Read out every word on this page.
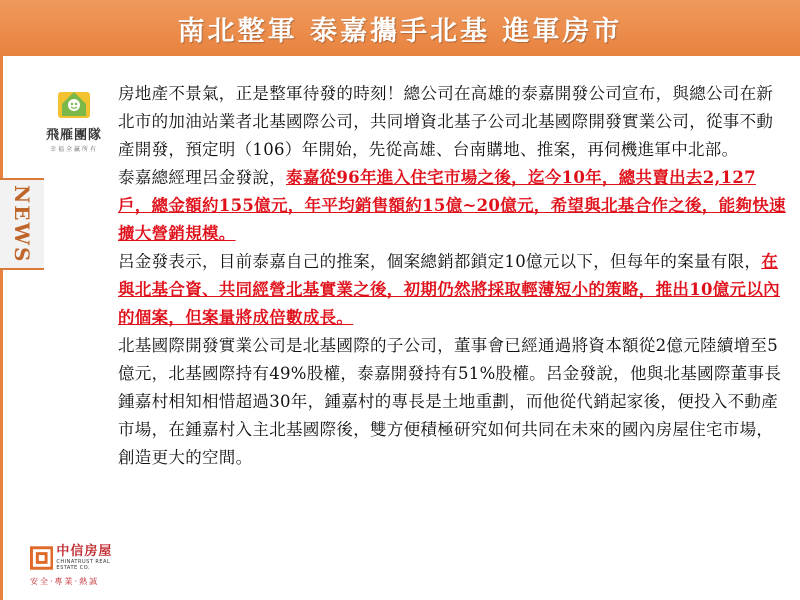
南北整軍 泰嘉攜手北基 進軍房市
飛雁團隊
幸福全贏所有
NEWS
中信房屋
CHINATRUST REAL ESTATE CO.
安全‧專業‧熱誠

房地產不景氣，正是整軍待發的時刻！總公司在高雄的泰嘉開發公司宣布，與總公司在新北市的加油站業者北基國際公司，共同增資北基子公司北基國際開發實業公司，從事不動產開發，預定明（106）年開始，先從高雄、台南購地、推案，再伺機進軍中北部。

泰嘉總經理呂金發說，泰嘉從96年進入住宅市場之後，迄今10年，總共賣出去2,127戶，總金額約155億元，年平均銷售額約15億~20億元，希望與北基合作之後，能夠快速擴大營銷規模。

呂金發表示，目前泰嘉自己的推案，個案總銷都鎖定10億元以下，但每年的案量有限，在與北基合資、共同經營北基實業之後，初期仍然將採取輕薄短小的策略，推出10億元以內的個案，但案量將成倍數成長。

北基國際開發實業公司是北基國際的子公司，董事會已經通過將資本額從2億元陸續增至5億元，北基國際持有49%股權，泰嘉開發持有51%股權。呂金發說，他與北基國際董事長鍾嘉村相知相惜超過30年，鍾嘉村的專長是土地重劃，而他從代銷起家後，便投入不動產市場，在鍾嘉村入主北基國際後，雙方便積極研究如何共同在未來的國內房屋住宅市場，創造更大的空間。
